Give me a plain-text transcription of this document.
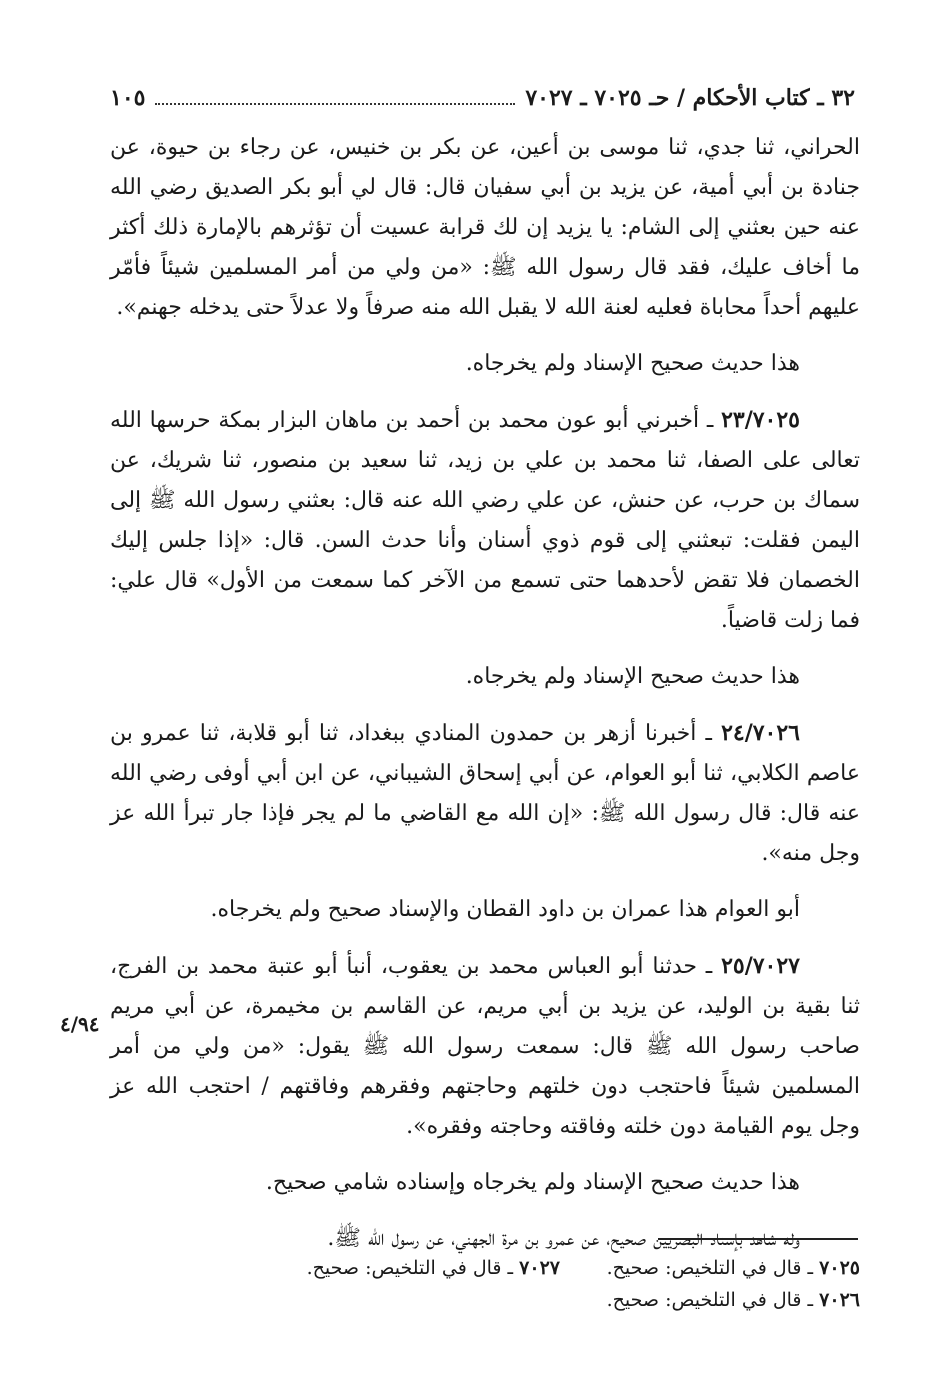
٣٢ ـ كتاب الأحكام / حـ ٧٠٢٥ ـ ٧٠٢٧
١٠٥

الحراني، ثنا جدي، ثنا موسى بن أعين، عن بكر بن خنيس، عن رجاء بن حيوة، عن جنادة بن أبي أمية، عن يزيد بن أبي سفيان قال: قال لي أبو بكر الصديق رضي الله عنه حين بعثني إلى الشام: يا يزيد إن لك قرابة عسيت أن تؤثرهم بالإمارة ذلك أكثر ما أخاف عليك، فقد قال رسول الله ﷺ: «من ولي من أمر المسلمين شيئاً فأمّر عليهم أحداً محاباة فعليه لعنة الله لا يقبل الله منه صرفاً ولا عدلاً حتى يدخله جهنم».

هذا حديث صحيح الإسناد ولم يخرجاه.

٢٣/٧٠٢٥ ـ أخبرني أبو عون محمد بن أحمد بن ماهان البزار بمكة حرسها الله تعالى على الصفا، ثنا محمد بن علي بن زيد، ثنا سعيد بن منصور، ثنا شريك، عن سماك بن حرب، عن حنش، عن علي رضي الله عنه قال: بعثني رسول الله ﷺ إلى اليمن فقلت: تبعثني إلى قوم ذوي أسنان وأنا حدث السن. قال: «إذا جلس إليك الخصمان فلا تقض لأحدهما حتى تسمع من الآخر كما سمعت من الأول» قال علي: فما زلت قاضياً.

هذا حديث صحيح الإسناد ولم يخرجاه.

٢٤/٧٠٢٦ ـ أخبرنا أزهر بن حمدون المنادي ببغداد، ثنا أبو قلابة، ثنا عمرو بن عاصم الكلابي، ثنا أبو العوام، عن أبي إسحاق الشيباني، عن ابن أبي أوفى رضي الله عنه قال: قال رسول الله ﷺ: «إن الله مع القاضي ما لم يجر فإذا جار تبرأ الله عز وجل منه».

أبو العوام هذا عمران بن داود القطان والإسناد صحيح ولم يخرجاه.

٢٥/٧٠٢٧ ـ حدثنا أبو العباس محمد بن يعقوب، أنبأ أبو عتبة محمد بن الفرج، ثنا بقية بن الوليد، عن يزيد بن أبي مريم، عن القاسم بن مخيمرة، عن أبي مريم صاحب رسول الله ﷺ قال: سمعت رسول الله ﷺ يقول: «من ولي من أمر المسلمين شيئاً فاحتجب دون خلتهم وحاجتهم وفقرهم وفاقتهم / احتجب الله عز وجل يوم القيامة دون خلته وفاقته وحاجته وفقره».

هذا حديث صحيح الإسناد ولم يخرجاه وإسناده شامي صحيح.

وله شاهد بإسناد البصريين صحيح، عن عمرو بن مرة الجهني، عن رسول الله ﷺ.

٤/٩٤
٧٠٢٥ ـ قال في التلخيص: صحيح.
٧٠٢٧ ـ قال في التلخيص: صحيح.
٧٠٢٦ ـ قال في التلخيص: صحيح.
